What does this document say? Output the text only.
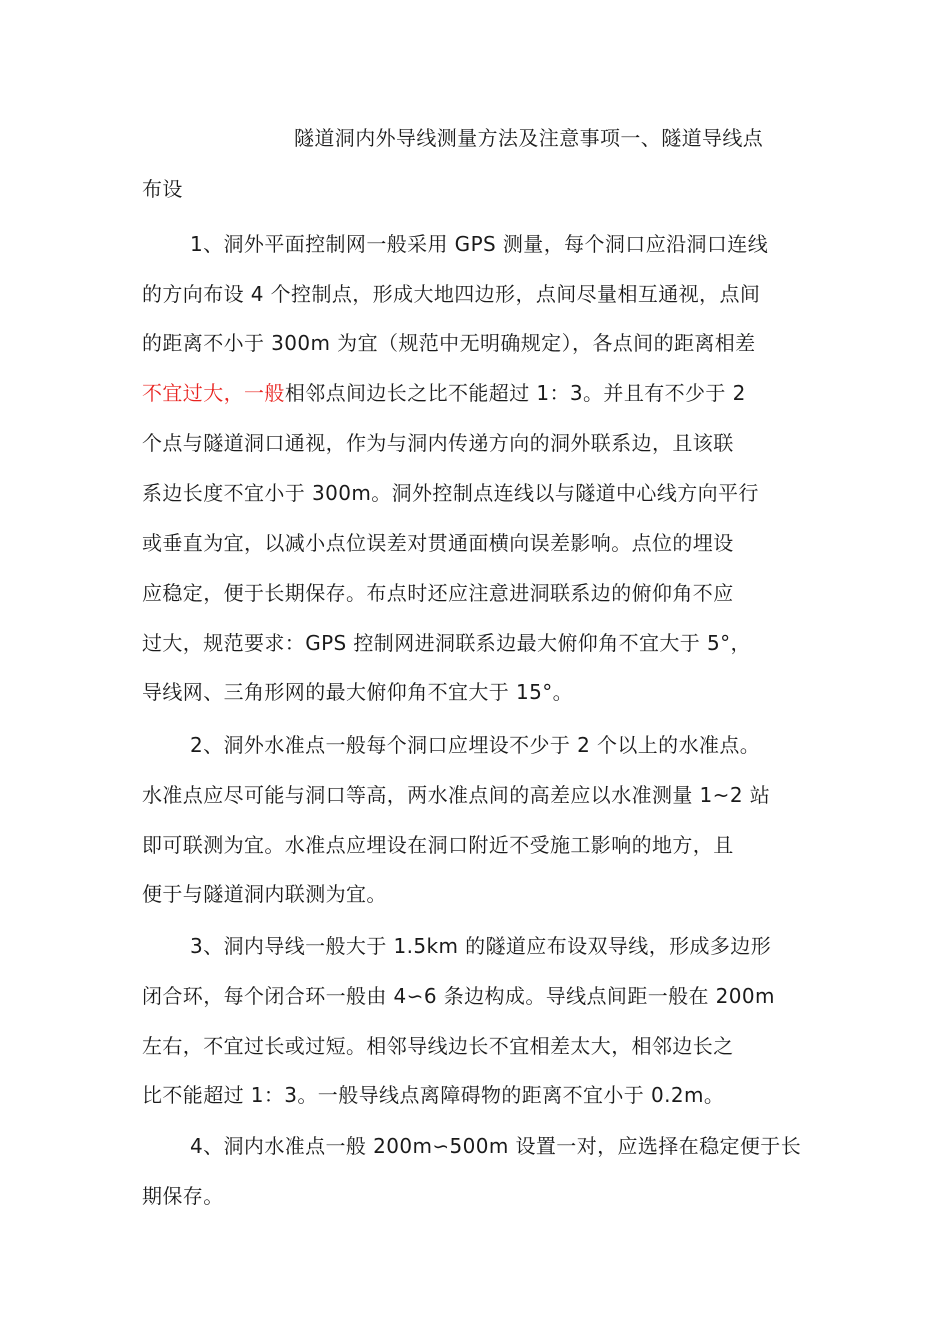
隧道洞内外导线测量方法及注意事项一、隧道导线点
布设
1、洞外平面控制网一般采用 GPS 测量，每个洞口应沿洞口连线
的方向布设 4 个控制点，形成大地四边形，点间尽量相互通视，点间
的距离不小于 300m 为宜（规范中无明确规定），各点间的距离相差
不宜过大，一般相邻点间边长之比不能超过 1：3。并且有不少于 2
个点与隧道洞口通视，作为与洞内传递方向的洞外联系边，且该联
系边长度不宜小于 300m。洞外控制点连线以与隧道中心线方向平行
或垂直为宜，以减小点位误差对贯通面横向误差影响。点位的埋设
应稳定，便于长期保存。布点时还应注意进洞联系边的俯仰角不应
过大，规范要求：GPS 控制网进洞联系边最大俯仰角不宜大于 5°，
导线网、三角形网的最大俯仰角不宜大于 15°。
2、洞外水准点一般每个洞口应埋设不少于 2 个以上的水准点。
水准点应尽可能与洞口等高，两水准点间的高差应以水准测量 1~2 站
即可联测为宜。水准点应埋设在洞口附近不受施工影响的地方，且
便于与隧道洞内联测为宜。
3、洞内导线一般大于 1.5km 的隧道应布设双导线，形成多边形
闭合环，每个闭合环一般由 4∽6 条边构成。导线点间距一般在 200m
左右，不宜过长或过短。相邻导线边长不宜相差太大，相邻边长之
比不能超过 1：3。一般导线点离障碍物的距离不宜小于 0.2m。
4、洞内水准点一般 200m∽500m 设置一对，应选择在稳定便于长
期保存。
